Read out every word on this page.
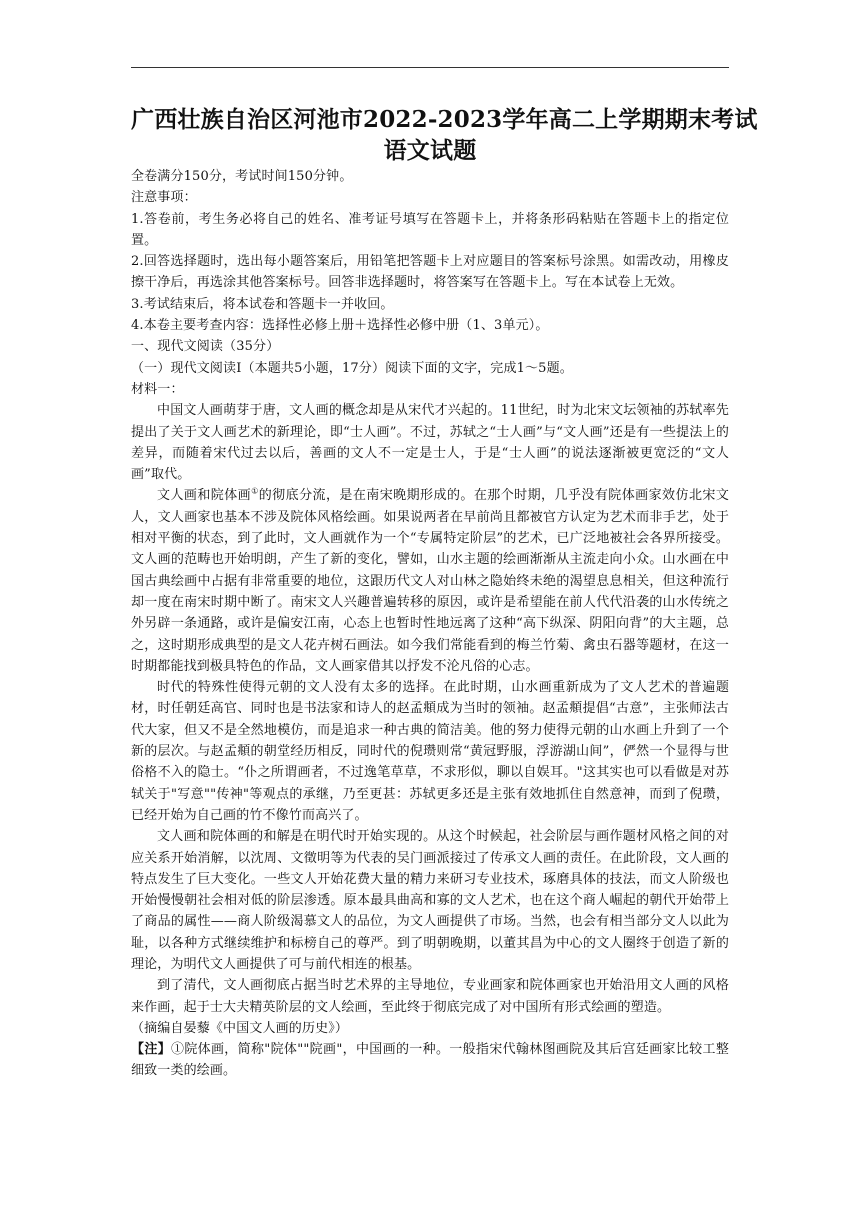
广西壮族自治区河池市2022-2023学年高二上学期期末考试
语文试题

全卷满分150分，考试时间150分钟。

注意事项：

1.答卷前，考生务必将自己的姓名、准考证号填写在答题卡上，并将条形码粘贴在答题卡上的指定位置。

2.回答选择题时，选出每小题答案后，用铅笔把答题卡上对应题目的答案标号涂黑。如需改动，用橡皮擦干净后，再选涂其他答案标号。回答非选择题时，将答案写在答题卡上。写在本试卷上无效。

3.考试结束后，将本试卷和答题卡一并收回。

4.本卷主要考查内容：选择性必修上册＋选择性必修中册（1、3单元）。

一、现代文阅读（35分）

（一）现代文阅读Ⅰ（本题共5小题，17分）阅读下面的文字，完成1～5题。

材料一：

中国文人画萌芽于唐，文人画的概念却是从宋代才兴起的。11世纪，时为北宋文坛领袖的苏轼率先提出了关于文人画艺术的新理论，即“士人画”。不过，苏轼之“士人画”与“文人画”还是有一些提法上的差异，而随着宋代过去以后，善画的文人不一定是士人，于是“士人画”的说法逐渐被更宽泛的“文人画”取代。

文人画和院体画①的彻底分流，是在南宋晚期形成的。在那个时期，几乎没有院体画家效仿北宋文人，文人画家也基本不涉及院体风格绘画。如果说两者在早前尚且都被官方认定为艺术而非手艺，处于相对平衡的状态，到了此时，文人画就作为一个“专属特定阶层”的艺术，已广泛地被社会各界所接受。文人画的范畴也开始明朗，产生了新的变化，譬如，山水主题的绘画渐渐从主流走向小众。山水画在中国古典绘画中占据有非常重要的地位，这跟历代文人对山林之隐始终未绝的渴望息息相关，但这种流行却一度在南宋时期中断了。南宋文人兴趣普遍转移的原因，或许是希望能在前人代代沿袭的山水传统之外另辟一条通路，或许是偏安江南，心态上也暂时性地远离了这种“高下纵深、阴阳向背”的大主题，总之，这时期形成典型的是文人花卉树石画法。如今我们常能看到的梅兰竹菊、禽虫石器等题材，在这一时期都能找到极具特色的作品，文人画家借其以抒发不沦凡俗的心志。

时代的特殊性使得元朝的文人没有太多的选择。在此时期，山水画重新成为了文人艺术的普遍题材，时任朝廷高官、同时也是书法家和诗人的赵孟頫成为当时的领袖。赵孟頫提倡“古意”，主张师法古代大家，但又不是全然地模仿，而是追求一种古典的简洁美。他的努力使得元朝的山水画上升到了一个新的层次。与赵孟頫的朝堂经历相反，同时代的倪瓒则常“黄冠野服，浮游湖山间”，俨然一个显得与世俗格不入的隐士。“仆之所谓画者，不过逸笔草草，不求形似，聊以自娱耳。"这其实也可以看做是对苏轼关于"写意""传神"等观点的承继，乃至更甚：苏轼更多还是主张有效地抓住自然意神，而到了倪瓒，已经开始为自己画的竹不像竹而高兴了。

文人画和院体画的和解是在明代时开始实现的。从这个时候起，社会阶层与画作题材风格之间的对应关系开始消解，以沈周、文徵明等为代表的吴门画派接过了传承文人画的责任。在此阶段，文人画的特点发生了巨大变化。一些文人开始花费大量的精力来研习专业技术，琢磨具体的技法，而文人阶级也开始慢慢朝社会相对低的阶层渗透。原本最具曲高和寡的文人艺术，也在这个商人崛起的朝代开始带上了商品的属性——商人阶级渴慕文人的品位，为文人画提供了市场。当然，也会有相当部分文人以此为耻，以各种方式继续维护和标榜自己的尊严。到了明朝晚期，以董其昌为中心的文人圈终于创造了新的理论，为明代文人画提供了可与前代相连的根基。

到了清代，文人画彻底占据当时艺术界的主导地位，专业画家和院体画家也开始沿用文人画的风格来作画，起于士大夫精英阶层的文人绘画，至此终于彻底完成了对中国所有形式绘画的塑造。

（摘编自晏藜《中国文人画的历史》）

【注】①院体画，简称"院体""院画"，中国画的一种。一般指宋代翰林图画院及其后宫廷画家比较工整细致一类的绘画。
